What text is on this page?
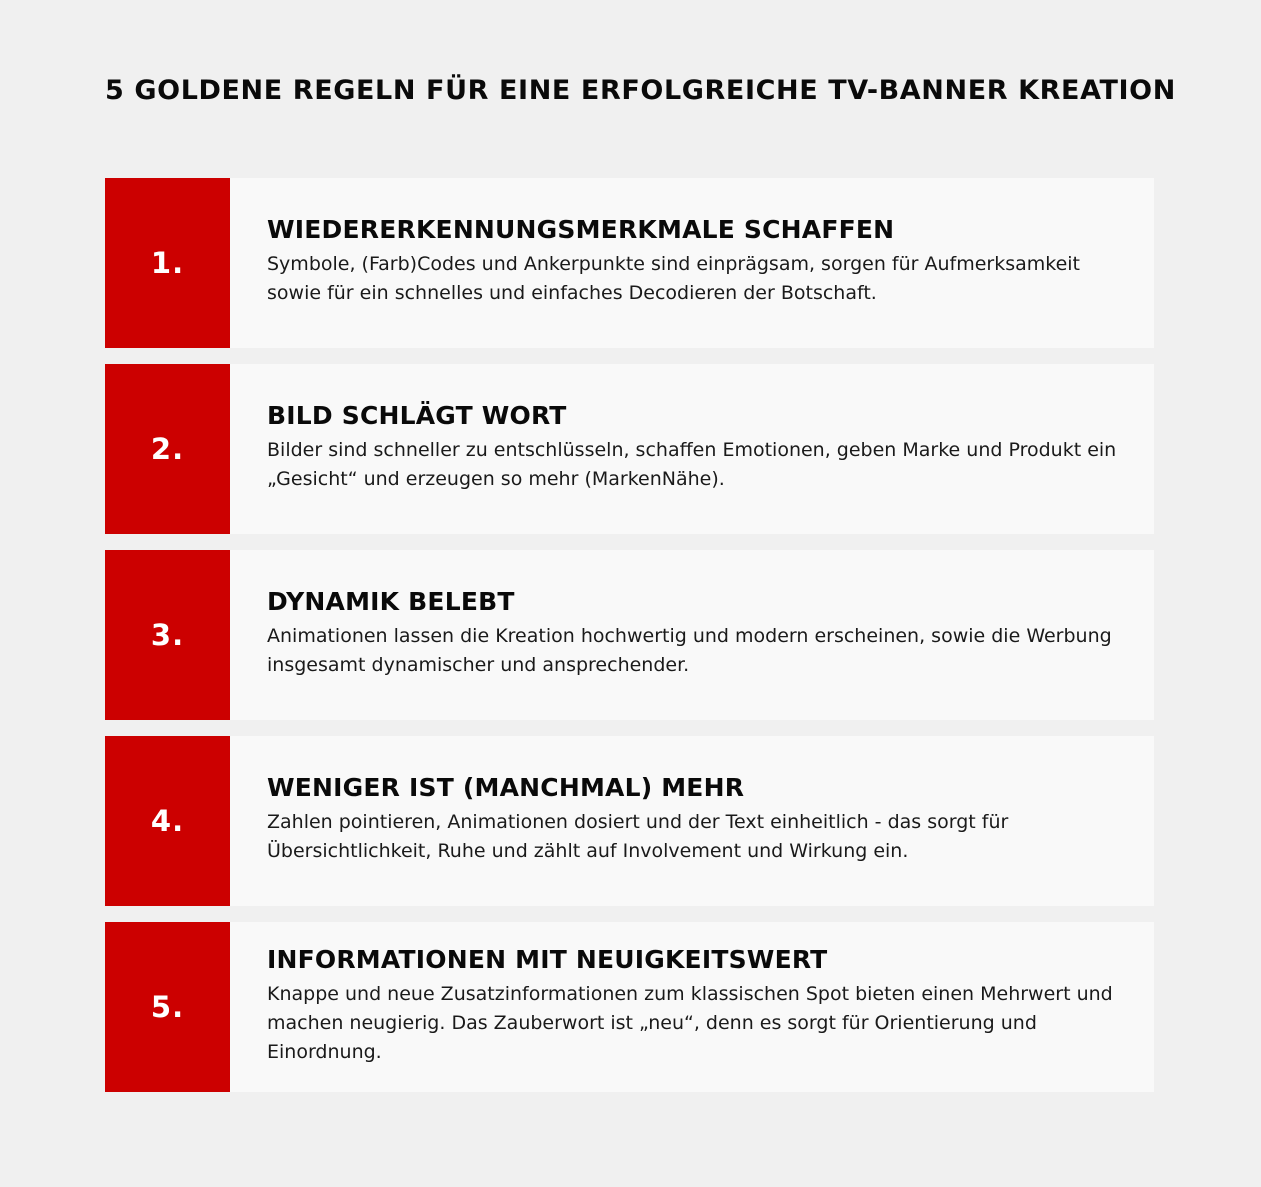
5 GOLDENE REGELN FÜR EINE ERFOLGREICHE TV-BANNER KREATION
1.
WIEDERERKENNUNGSMERKMALE SCHAFFEN
Symbole, (Farb)Codes und Ankerpunkte sind einprägsam, sorgen für Aufmerksamkeit sowie für ein schnelles und einfaches Decodieren der Botschaft.
2.
BILD SCHLÄGT WORT
Bilder sind schneller zu entschlüsseln, schaffen Emotionen, geben Marke und Produkt ein „Gesicht“ und erzeugen so mehr (MarkenNähe).
3.
DYNAMIK BELEBT
Animationen lassen die Kreation hochwertig und modern erscheinen, sowie die Werbung insgesamt dynamischer und ansprechender.
4.
WENIGER IST (MANCHMAL) MEHR
Zahlen pointieren, Animationen dosiert und der Text einheitlich - das sorgt für Übersichtlichkeit, Ruhe und zählt auf Involvement und Wirkung ein.
5.
INFORMATIONEN MIT NEUIGKEITSWERT
Knappe und neue Zusatzinformationen zum klassischen Spot bieten einen Mehrwert und machen neugierig. Das Zauberwort ist „neu“, denn es sorgt für Orientierung und Einordnung.
